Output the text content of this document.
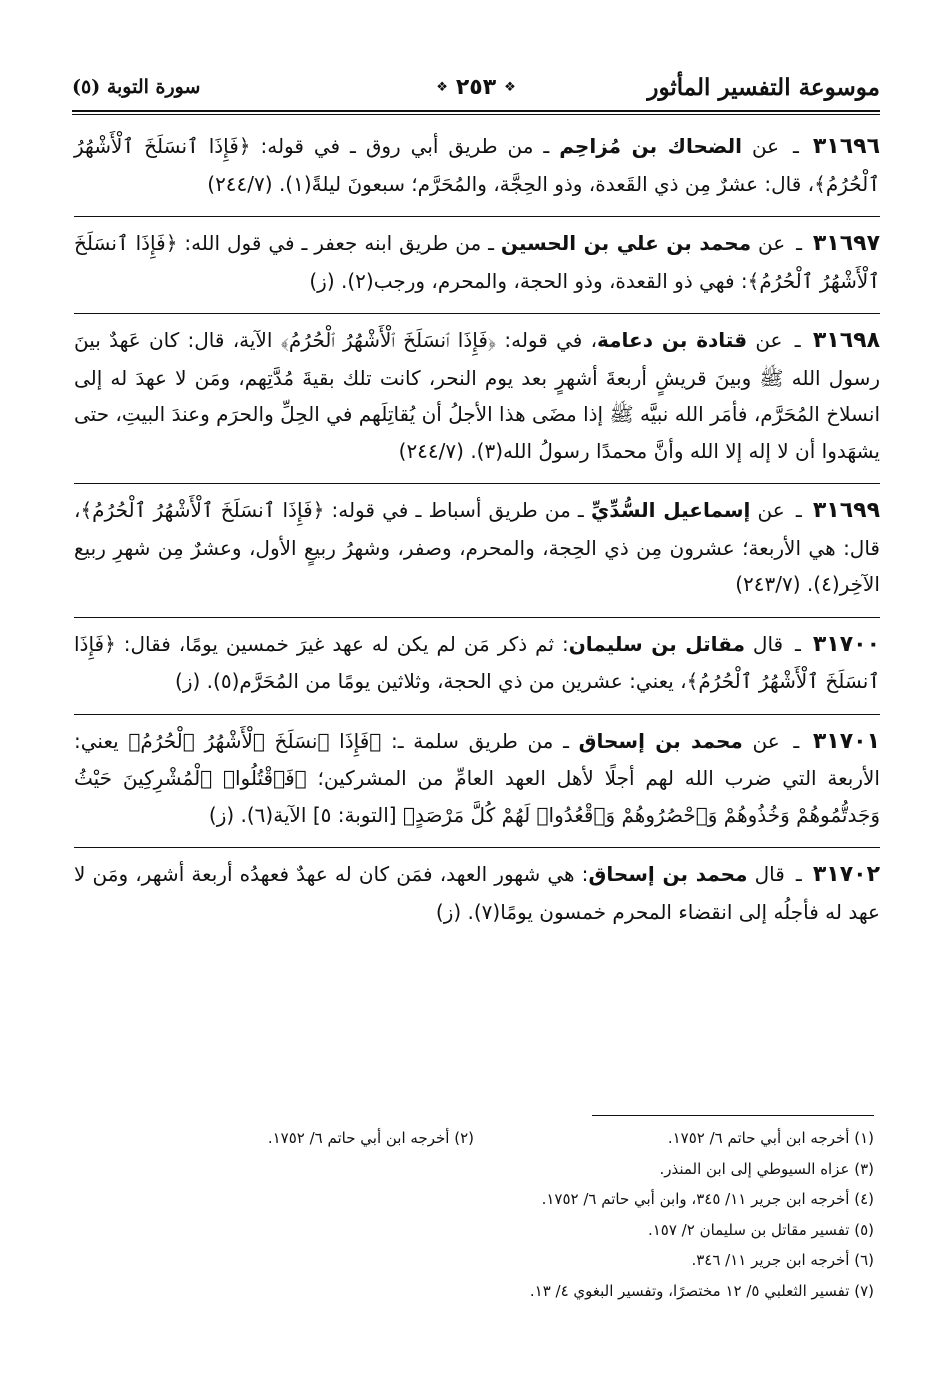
موسوعة التفسير المأثور
❖
٢٥٣
❖
سورة التوبة (٥)
٣١٦٩٦ ـ عن الضحاك بن مُزاحِم ـ من طريق أبي روق ـ في قوله: ﴿فَإِذَا ٱنسَلَخَ ٱلْأَشْهُرُ ٱلْحُرُمُ﴾، قال: عشرٌ مِن ذي القَعدة، وذو الحِجَّة، والمُحَرَّم؛ سبعونَ ليلةً(١). (٢٤٤/٧)
٣١٦٩٧ ـ عن محمد بن علي بن الحسين ـ من طريق ابنه جعفر ـ في قول الله: ﴿فَإِذَا ٱنسَلَخَ ٱلْأَشْهُرُ ٱلْحُرُمُ﴾: فهي ذو القعدة، وذو الحجة، والمحرم، ورجب(٢). (ز)
٣١٦٩٨ ـ عن قتادة بن دعامة، في قوله: ﴿فَإِذَا ٱنسَلَخَ ٱلْأَشْهُرُ ٱلْحُرُمُ﴾ الآية، قال: كان عَهدٌ بينَ رسول الله ﷺ وبينَ قريشٍ أربعةَ أشهرٍ بعد يوم النحر، كانت تلك بقيةَ مُدَّتِهم، ومَن لا عهدَ له إلى انسلاخ المُحَرَّم، فأمَر الله نبيَّه ﷺ إذا مضَى هذا الأجلُ أن يُقاتِلَهم في الحِلِّ والحرَم وعندَ البيتِ، حتى يشهَدوا أن لا إله إلا الله وأنَّ محمدًا رسولُ الله(٣). (٢٤٤/٧)
٣١٦٩٩ ـ عن إسماعيل السُّدِّيِّ ـ من طريق أسباط ـ في قوله: ﴿فَإِذَا ٱنسَلَخَ ٱلْأَشْهُرُ ٱلْحُرُمُ﴾، قال: هي الأربعة؛ عشرون مِن ذي الحِجة، والمحرم، وصفر، وشهرُ ربيعٍ الأول، وعشرٌ مِن شهرِ ربيع الآخِر(٤). (٢٤٣/٧)
٣١٧٠٠ ـ قال مقاتل بن سليمان: ثم ذكر مَن لم يكن له عهد غيرَ خمسين يومًا، فقال: ﴿فَإِذَا ٱنسَلَخَ ٱلْأَشْهُرُ ٱلْحُرُمُ﴾، يعني: عشرين من ذي الحجة، وثلاثين يومًا من المُحَرَّم(٥). (ز)
٣١٧٠١ ـ عن محمد بن إسحاق ـ من طريق سلمة ـ: ﴿فَإِذَا ٱنسَلَخَ ٱلْأَشْهُرُ ٱلْحُرُمُ﴾ يعني: الأربعة التي ضرب الله لهم أجلًا لأهل العهد العامِّ من المشركين؛ ﴿فَٱقْتُلُوا۟ ٱلْمُشْرِكِينَ حَيْثُ وَجَدتُّمُوهُمْ وَخُذُوهُمْ وَٱحْصُرُوهُمْ وَٱقْعُدُوا۟ لَهُمْ كُلَّ مَرْصَدٍ﴾ [التوبة: ٥] الآية(٦). (ز)
٣١٧٠٢ ـ قال محمد بن إسحاق: هي شهور العهد، فمَن كان له عهدٌ فعهدُه أربعة أشهر، ومَن لا عهد له فأجلُه إلى انقضاء المحرم خمسون يومًا(٧). (ز)
(١) أخرجه ابن أبي حاتم ٦/ ١٧٥٢.
(٢) أخرجه ابن أبي حاتم ٦/ ١٧٥٢.
(٣) عزاه السيوطي إلى ابن المنذر.
(٤) أخرجه ابن جرير ١١/ ٣٤٥، وابن أبي حاتم ٦/ ١٧٥٢.
(٥) تفسير مقاتل بن سليمان ٢/ ١٥٧.
(٦) أخرجه ابن جرير ١١/ ٣٤٦.
(٧) تفسير الثعلبي ٥/ ١٢ مختصرًا، وتفسير البغوي ٤/ ١٣.
